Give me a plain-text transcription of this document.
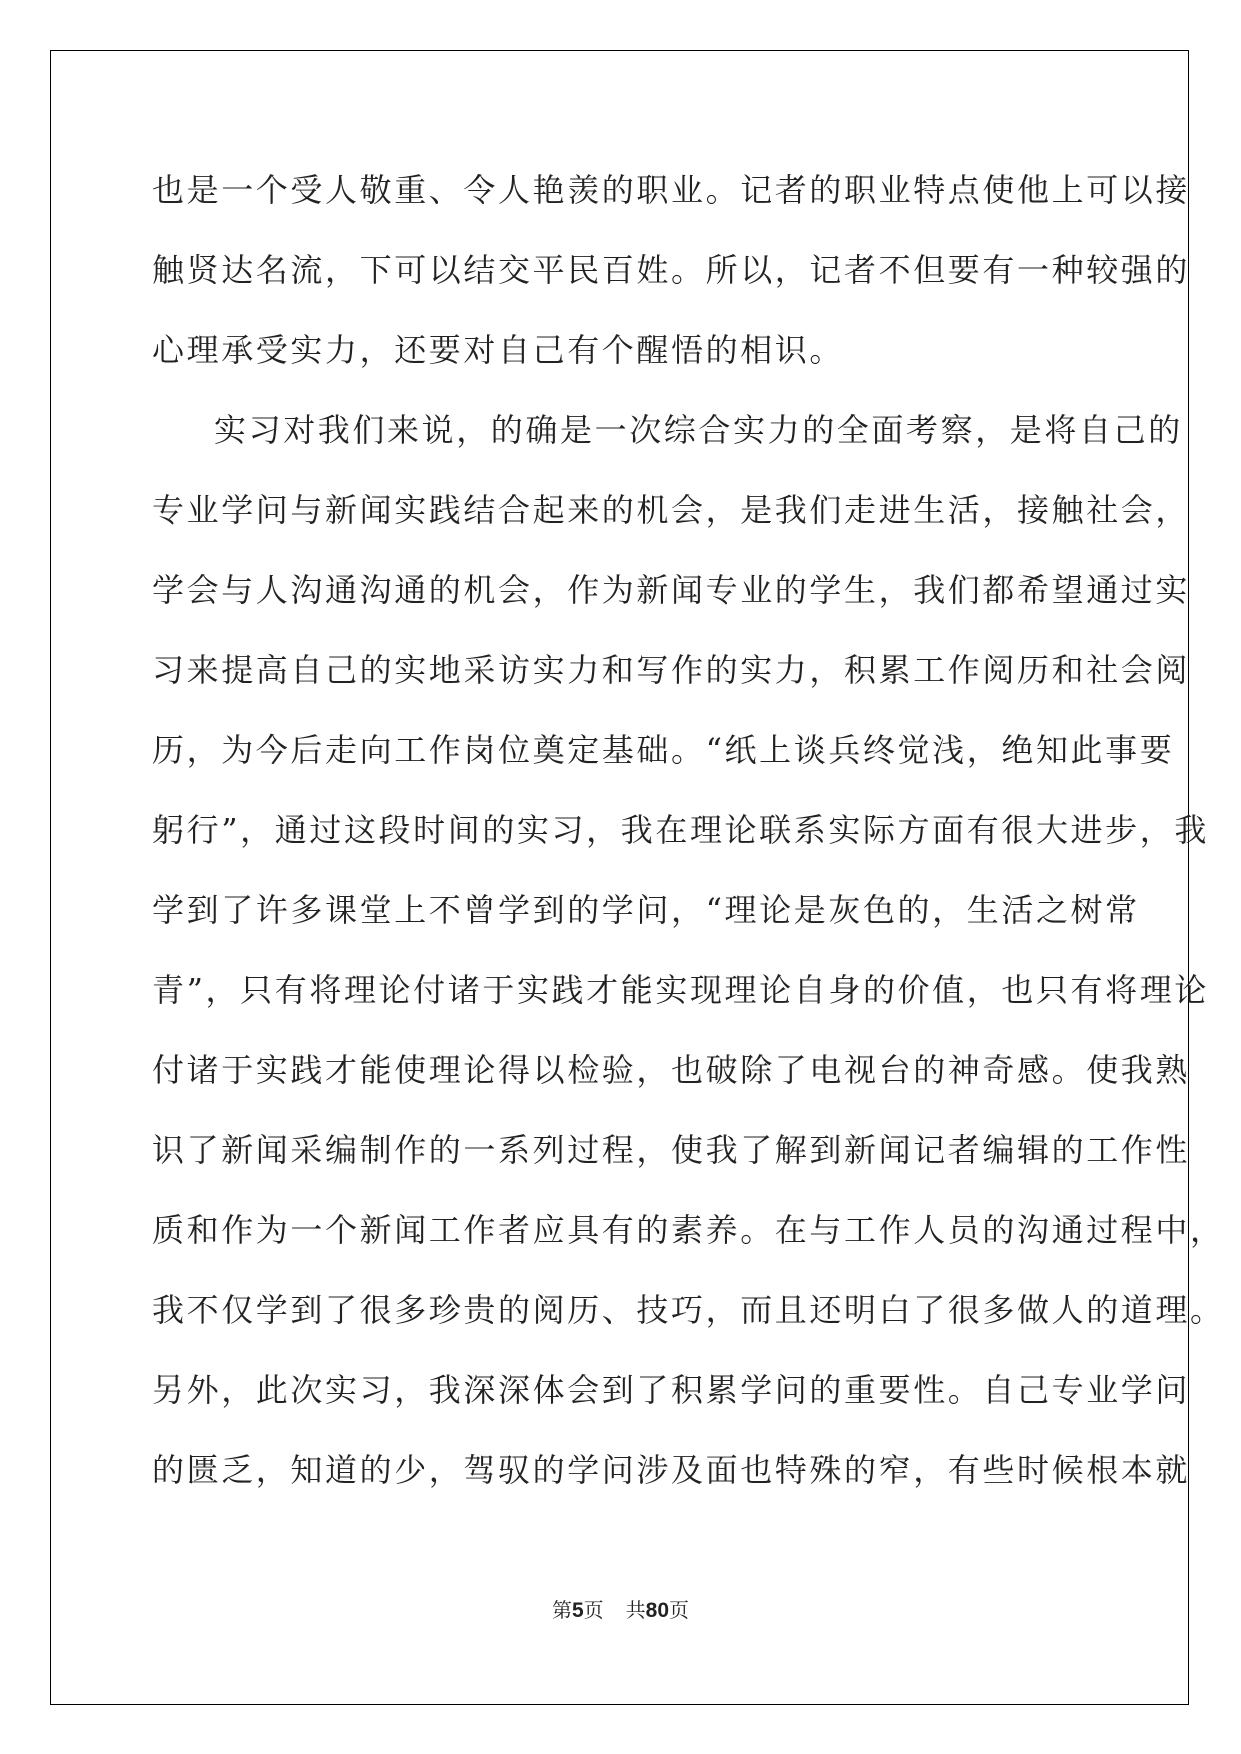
也是一个受人敬重、令人艳羡的职业。记者的职业特点使他上可以接
触贤达名流，下可以结交平民百姓。所以，记者不但要有一种较强的
心理承受实力，还要对自己有个醒悟的相识。
实习对我们来说，的确是一次综合实力的全面考察，是将自己的
专业学问与新闻实践结合起来的机会，是我们走进生活，接触社会，
学会与人沟通沟通的机会，作为新闻专业的学生，我们都希望通过实
习来提高自己的实地采访实力和写作的实力，积累工作阅历和社会阅
历，为今后走向工作岗位奠定基础。“纸上谈兵终觉浅，绝知此事要
躬行”，通过这段时间的实习，我在理论联系实际方面有很大进步，我
学到了许多课堂上不曾学到的学问，“理论是灰色的，生活之树常
青”，只有将理论付诸于实践才能实现理论自身的价值，也只有将理论
付诸于实践才能使理论得以检验，也破除了电视台的神奇感。使我熟
识了新闻采编制作的一系列过程，使我了解到新闻记者编辑的工作性
质和作为一个新闻工作者应具有的素养。在与工作人员的沟通过程中，
我不仅学到了很多珍贵的阅历、技巧，而且还明白了很多做人的道理。
另外，此次实习，我深深体会到了积累学问的重要性。自己专业学问
的匮乏，知道的少，驾驭的学问涉及面也特殊的窄，有些时候根本就
第5页 共80页
